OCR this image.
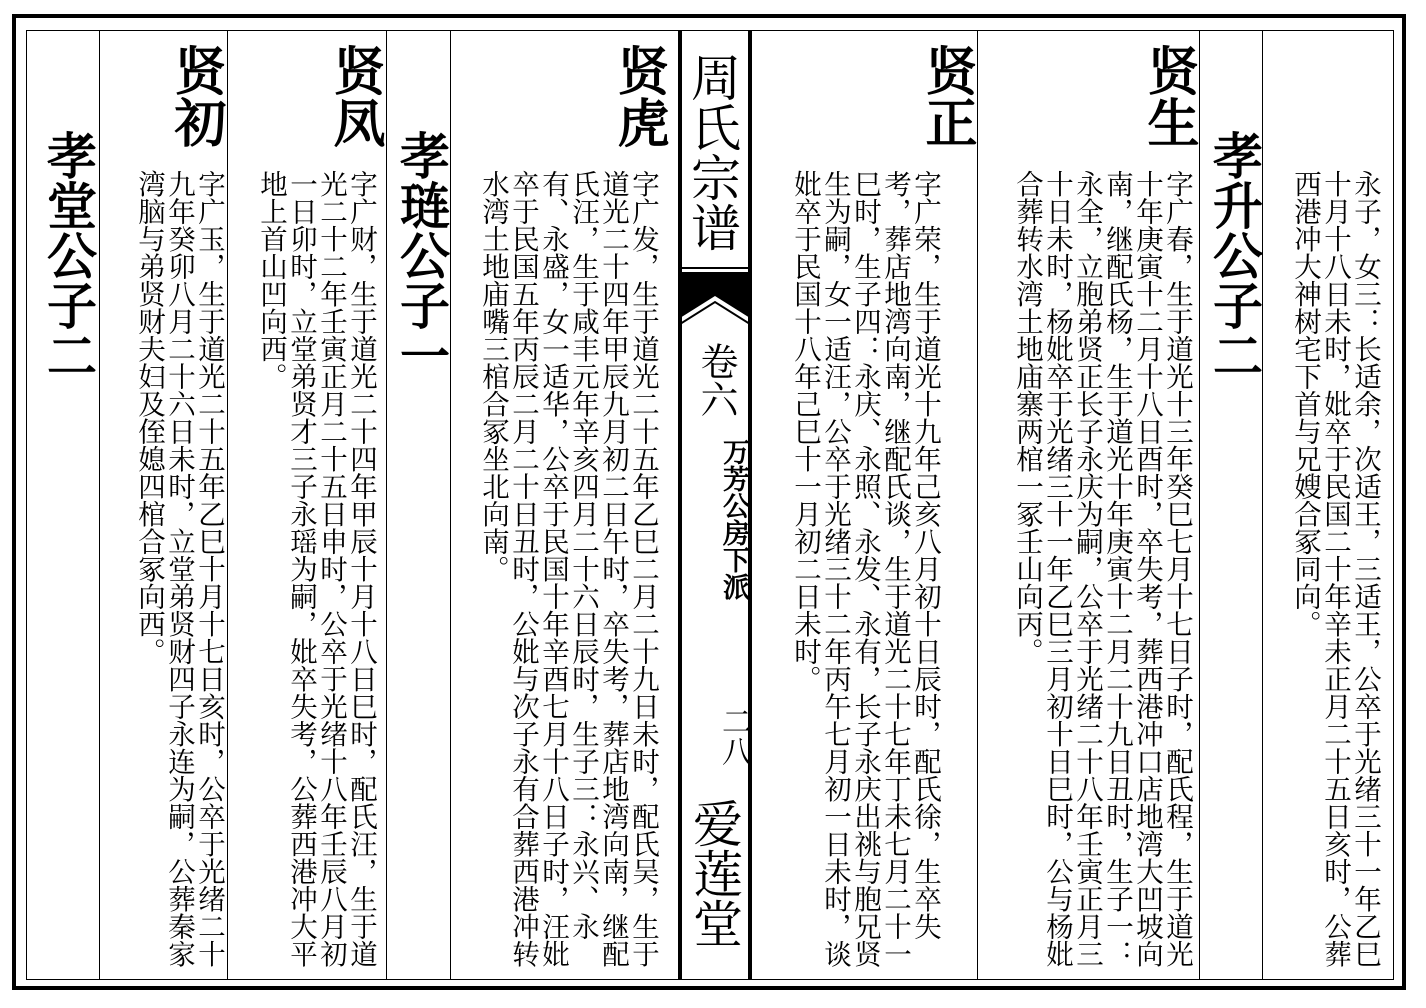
周氏宗谱
卷六
万芳公房下派
二八
爱莲堂	永子，女三：长适余，次适王，三适王，公卒于光绪三十一年乙巳十月十八日未时，妣卒于民国二十年辛未正月二十五日亥时，公葬西港冲大神树宅下首与兄嫂合冢同向。
孝升公子二
贤生
字广春，生于道光十三年癸巳七月十七日子时，配氏程，生于道光十年庚寅十二月十八日酉时，卒失考，葬西港冲口店地湾大凹坡向南，继配氏杨，生于道光十年庚寅十二月二十九日丑时，生子一：永全，立胞弟贤正长子永庆为嗣，公卒于光绪二十八年壬寅正月三十日未时，杨妣卒于光绪三十一年乙巳三月初十日巳时，公与杨妣合葬转水湾土地庙寨两棺一冢壬山向丙。
贤正
字广荣，生于道光十九年己亥八月初十日辰时，配氏徐，生卒失考，葬店地湾向南，继配氏谈，生于道光二十七年丁未七月二十一巳时，生子四：永庆、永照、永发、永有，长子永庆出祧与胞兄贤生为嗣，女一适汪，公卒于光绪三十二年丙午七月初一日未时，谈妣卒于民国十八年己巳十一月初二日未时。
贤虎
字广发，生于道光二十五年乙巳二月二十九日未时，配氏吴，生于道光二十四年甲辰九月初二日午时，卒失考，葬店地湾向南，继配氏汪，生于咸丰元年辛亥四月二十六日辰时，生子三：永兴、永有、永盛，女一适华，公卒于民国十年辛酉七月十八日子时，汪妣卒于民国五年丙辰二月二十日丑时，公妣与次子永有合葬西港冲转水湾土地庙嘴三棺合冢坐北向南。
孝琏公子一
贤凤
字广财，生于道光二十四年甲辰十月十八日巳时，配氏汪，生于道光二十二年壬寅正月二十五日申时，公卒于光绪十八年壬辰八月初一日卯时，立堂弟贤才三子永瑶为嗣，妣卒失考，公葬西港冲大平地上首山凹向西。
贤初
字广玉，生于道光二十五年乙巳十月十七日亥时，公卒于光绪二十九年癸卯八月二十六日未时，立堂弟贤财四子永连为嗣，公葬秦家湾脑与弟贤财夫妇及侄媳四棺合冢向西。
孝堂公子二
